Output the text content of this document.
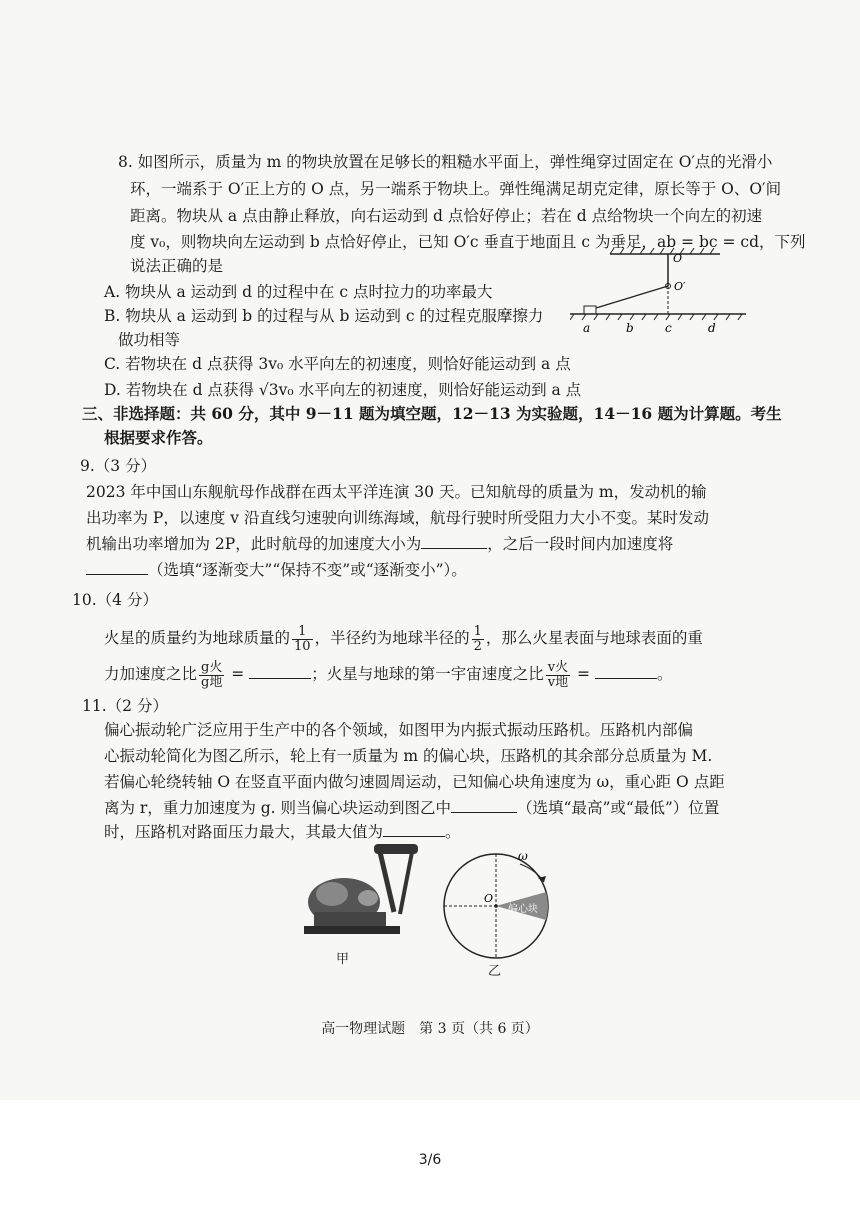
8. 如图所示，质量为 m 的物块放置在足够长的粗糙水平面上，弹性绳穿过固定在 O′点的光滑小
环，一端系于 O′正上方的 O 点，另一端系于物块上。弹性绳满足胡克定律，原长等于 O、O′间
距离。物块从 a 点由静止释放，向右运动到 d 点恰好停止；若在 d 点给物块一个向左的初速
度 v₀，则物块向左运动到 b 点恰好停止，已知 O′c 垂直于地面且 c 为垂足，ab = bc = cd，下列
说法正确的是
A. 物块从 a 运动到 d 的过程中在 c 点时拉力的功率最大
B. 物块从 a 运动到 b 的过程与从 b 运动到 c 的过程克服摩擦力
做功相等
C. 若物块在 d 点获得 3v₀ 水平向左的初速度，则恰好能运动到 a 点
D. 若物块在 d 点获得 √3v₀ 水平向左的初速度，则恰好能运动到 a 点
O
O′
a	b	c	d
三、非选择题：共 60 分，其中 9－11 题为填空题，12－13 为实验题，14－16 题为计算题。考生
根据要求作答。
9.（3 分）
2023 年中国山东舰航母作战群在西太平洋连演 30 天。已知航母的质量为 m，发动机的输
出功率为 P，以速度 v 沿直线匀速驶向训练海域，航母行驶时所受阻力大小不变。某时发动
机输出功率增加为 2P，此时航母的加速度大小为	，之后一段时间内加速度将
（选填“逐渐变大”“保持不变”或“逐渐变小”）。
10.（4 分）
火星的质量约为地球质量的 $\frac{1}{10}$ ，半径约为地球半径的 $\frac{1}{2}$ ，那么火星表面与地球表面的重
力加速度之比 $\frac{\text{g火}}{\text{g地}}$ =	；火星与地球的第一宇宙速度之比 $\frac{\text{v火}}{\text{v地}}$ =	。
11.（2 分）
偏心振动轮广泛应用于生产中的各个领域，如图甲为内振式振动压路机。压路机内部偏
心振动轮简化为图乙所示，轮上有一质量为 m 的偏心块，压路机的其余部分总质量为 M.
若偏心轮绕转轴 O 在竖直平面内做匀速圆周运动，已知偏心块角速度为 ω，重心距 O 点距
离为 r，重力加速度为 g. 则当偏心块运动到图乙中	（选填“最高”或“最低”）位置
时，压路机对路面压力最大，其最大值为	。
甲
ω
O
偏心块
乙
高一物理试题　第 3 页（共 6 页）
3/6
